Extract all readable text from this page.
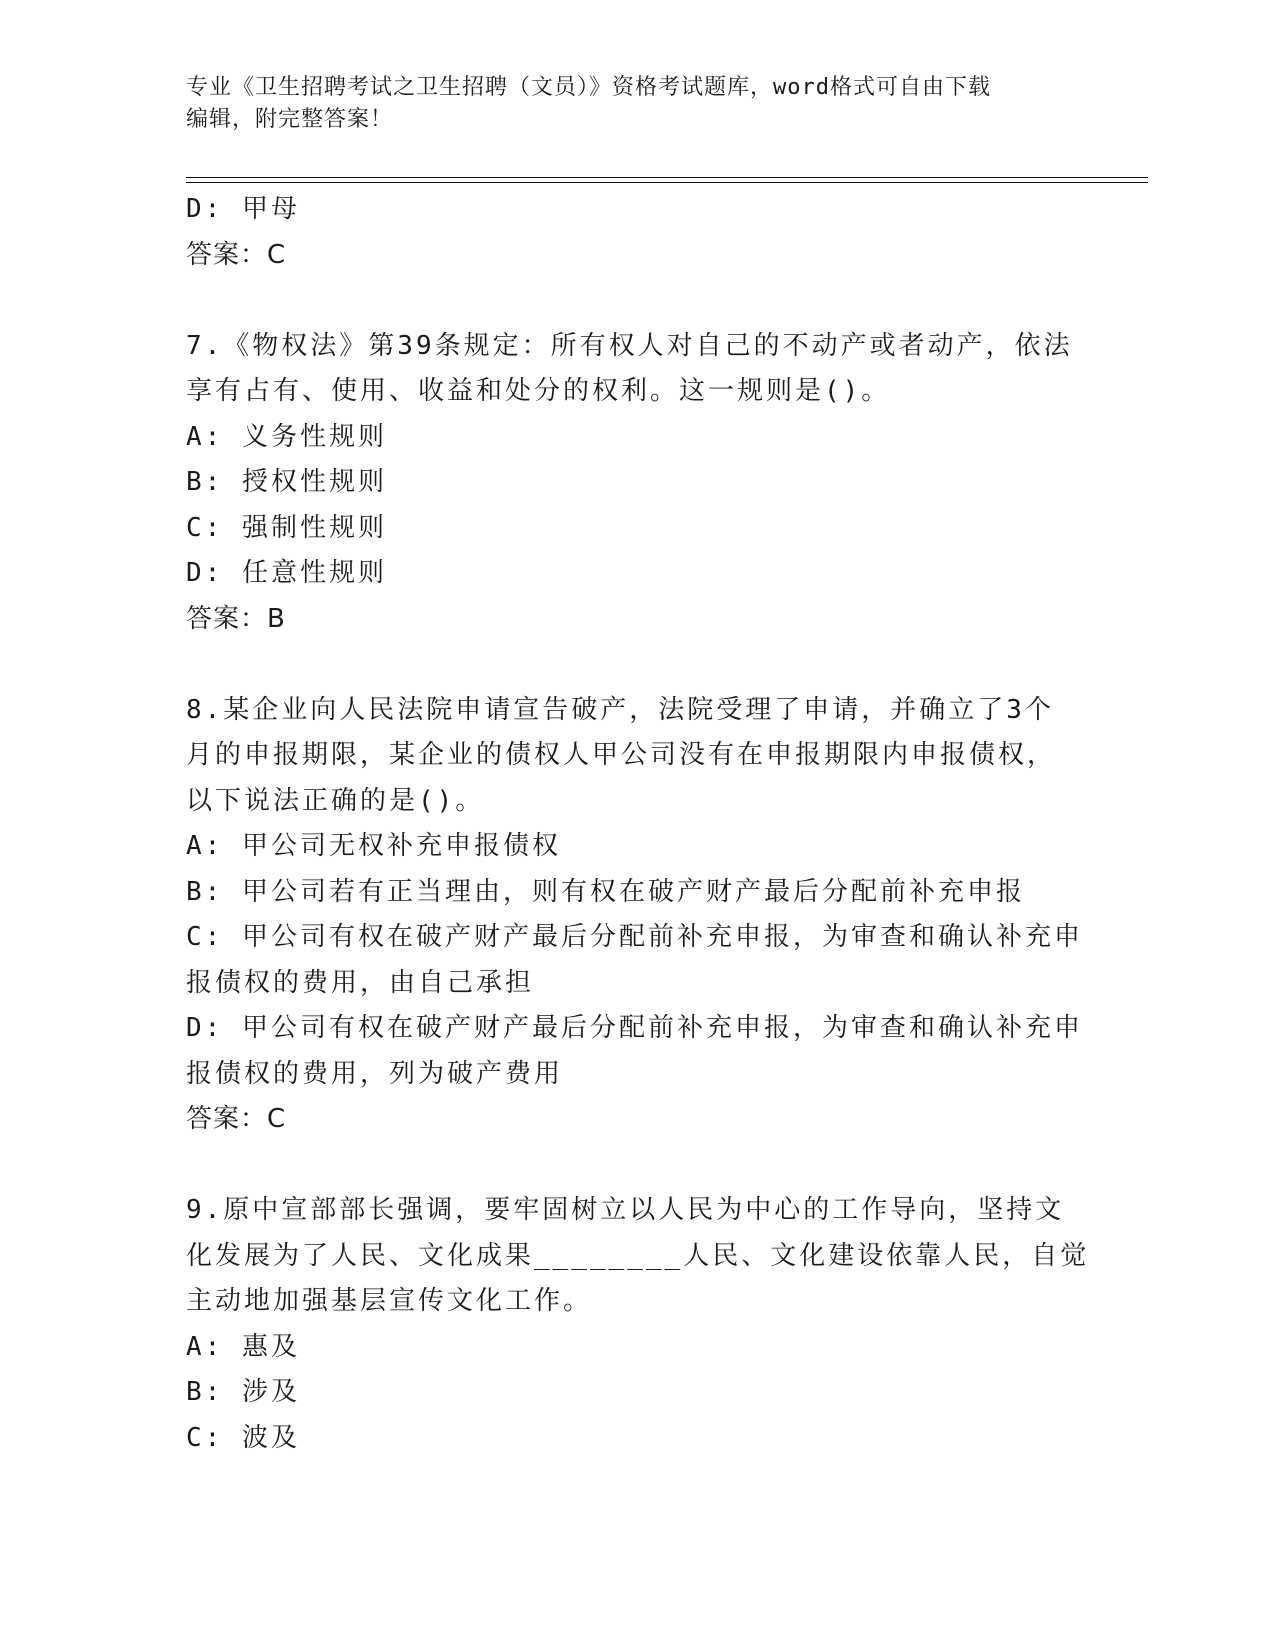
专业《卫生招聘考试之卫生招聘（文员）》资格考试题库，word格式可自由下载
编辑，附完整答案！
D: 甲母
答案：C
7.《物权法》第39条规定：所有权人对自己的不动产或者动产，依法
享有占有、使用、收益和处分的权利。这一规则是()。
A: 义务性规则
B: 授权性规则
C: 强制性规则
D: 任意性规则
答案：B
8.某企业向人民法院申请宣告破产，法院受理了申请，并确立了3个
月的申报期限，某企业的债权人甲公司没有在申报期限内申报债权，
以下说法正确的是()。
A: 甲公司无权补充申报债权
B: 甲公司若有正当理由，则有权在破产财产最后分配前补充申报
C: 甲公司有权在破产财产最后分配前补充申报，为审查和确认补充申
报债权的费用，由自己承担
D: 甲公司有权在破产财产最后分配前补充申报，为审查和确认补充申
报债权的费用，列为破产费用
答案：C
9.原中宣部部长强调，要牢固树立以人民为中心的工作导向，坚持文
化发展为了人民、文化成果________人民、文化建设依靠人民，自觉
主动地加强基层宣传文化工作。
A: 惠及
B: 涉及
C: 波及
